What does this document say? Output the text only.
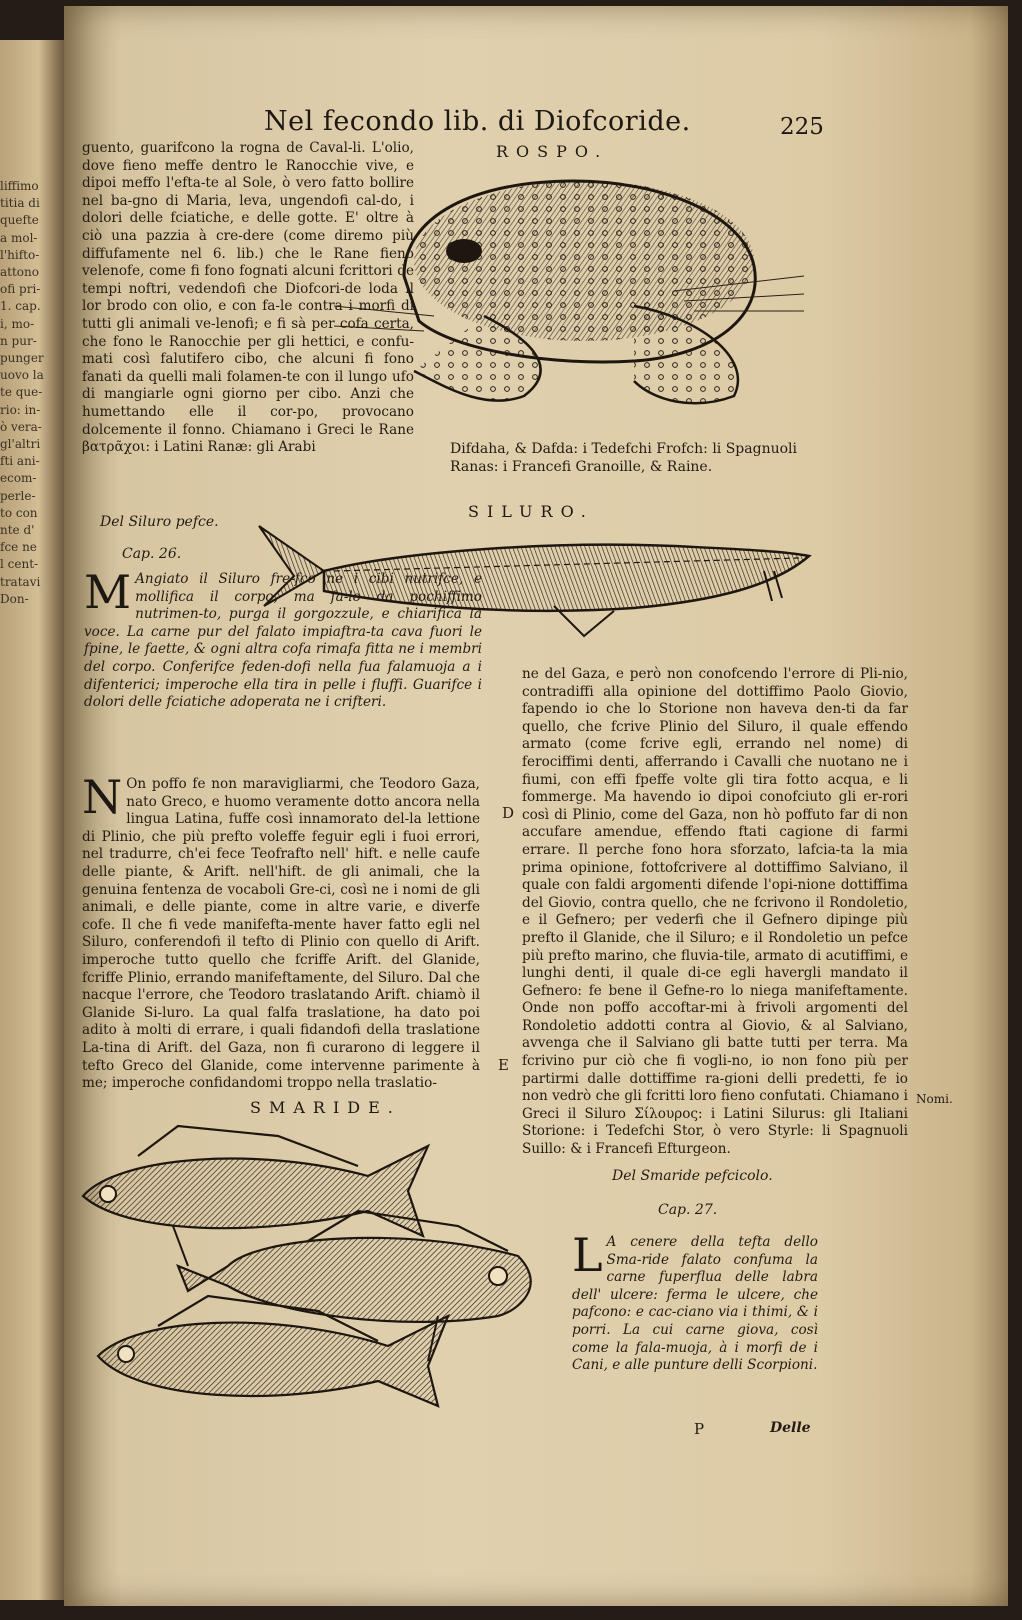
liffimo
titia di
quefte
a mol-
l'hifto-
attono
ofi pri-
1. cap.
i, mo-
n pur-
punger
uovo la
te que-
rio: in-
ò vera-
gl'altri
fti ani-
ecom-
perle-
to con
nte d'
fce ne
l cent-
tratavi
Don-
Nel fecondo lib. di Diofcoride.	225
ROSPO.

guento, guarifcono la rogna de Caval-li. L'olio, dove fieno meffe dentro le Ranocchie vive, e dipoi meffo l'efta-te al Sole, ò vero fatto bollire nel ba-gno di Maria, leva, ungendofi cal-do, i dolori delle fciatiche, e delle gotte. E' oltre à ciò una pazzia à cre-dere (come diremo più diffufamente nel 6. lib.) che le Rane fieno velenofe, come fi fono fognati alcuni fcrittori de tempi noftri, vedendofi che Diofcori-de loda il lor brodo con olio, e con fa-le contra i morfi di tutti gli animali ve-lenofi; e fi sà per cofa certa, che fono le Ranocchie per gli hettici, e confu-mati così falutifero cibo, che alcuni fi fono fanati da quelli mali folamen-te con il lungo ufo di mangiarle ogni giorno per cibo. Anzi che humettando elle il cor-po, provocano dolcemente il fonno. Chiamano i Greci le Rane βατρᾶχοι: i Latini Ranæ: gli Arabi	Difdaha, & Dafda: i Tedefchi Frofch: li Spagnuoli Ranas: i Francefi Granoille, & Raine.
SILURO.
Del Siluro pefce.
Cap. 26.

M Angiato il Siluro fre-fco ne i cibi nutrifce, e mollifica il corpo, ma fa-lo da pochiffimo nutrimen-to, purga il gorgozzule, e chiarifica la voce. La carne pur del falato impiaftra-ta cava fuori le fpine, le faette, & ogni altra cofa rimafa fitta ne i membri del corpo. Conferifce feden-dofi nella fua falamuoja a i difenterici; imperoche ella tira in pelle i fluffi. Guarifce i dolori delle fciatiche adoperata ne i crifteri.

N On poffo fe non maravigliarmi, che Teodoro Gaza, nato Greco, e huomo veramente dotto ancora nella lingua Latina, fuffe così innamorato del-la lettione di Plinio, che più prefto voleffe feguir egli i fuoi errori, nel tradurre, ch'ei fece Teofrafto nell' hift. e nelle caufe delle piante, & Arift. nell'hift. de gli animali, che la genuina fentenza de vocaboli Gre-ci, così ne i nomi de gli animali, e delle piante, come in altre varie, e diverfe cofe. Il che fi vede manifefta-mente haver fatto egli nel Siluro, conferendofi il tefto di Plinio con quello di Arift. imperoche tutto quello che fcriffe Arift. del Glanide, fcriffe Plinio, errando manifeftamente, del Siluro. Dal che nacque l'errore, che Teodoro traslatando Arift. chiamò il Glanide Si-luro. La qual falfa traslatione, ha dato poi adito à molti di errare, i quali fidandofi della traslatione La-tina di Arift. del Gaza, non fi curarono di leggere il tefto Greco del Glanide, come intervenne parimente à me; imperoche confidandomi troppo nella traslatio-

D
E

ne del Gaza, e però non conofcendo l'errore di Pli-nio, contradiffi alla opinione del dottiffimo Paolo Giovio, fapendo io che lo Storione non haveva den-ti da far quello, che fcrive Plinio del Siluro, il quale effendo armato (come fcrive egli, errando nel nome) di ferociffimi denti, afferrando i Cavalli che nuotano ne i fiumi, con effi fpeffe volte gli tira fotto acqua, e li fommerge. Ma havendo io dipoi conofciuto gli er-rori così di Plinio, come del Gaza, non hò poffuto far di non accufare amendue, effendo ftati cagione di farmi errare. Il perche fono hora sforzato, lafcia-ta la mia prima opinione, fottofcrivere al dottiffimo Salviano, il quale con faldi argomenti difende l'opi-nione dottiffima del Giovio, contra quello, che ne fcrivono il Rondoletio, e il Gefnero; per vederfi che il Gefnero dipinge più prefto il Glanide, che il Siluro; e il Rondoletio un pefce più prefto marino, che fluvia-tile, armato di acutiffimi, e lunghi denti, il quale di-ce egli havergli mandato il Gefnero: fe bene il Gefne-ro lo niega manifeftamente. Onde non poffo accoftar-mi à frivoli argomenti del Rondoletio addotti contra al Giovio, & al Salviano, avvenga che il Salviano gli batte tutti per terra. Ma fcrivino pur ciò che fi vogli-no, io non fono più per partirmi dalle dottiffime ra-gioni delli predetti, fe io non vedrò che gli fcritti loro fieno confutati. Chiamano i Greci il Siluro Σίλουρος: i Latini Silurus: gli Italiani Storione: i Tedefchi Stor, ò vero Styrle: li Spagnuoli Suillo: & i Francefi Efturgeon.

Nomi.
SMARIDE.
Del Smaride pefcicolo.
Cap. 27.

L A cenere della tefta dello Sma-ride falato confuma la carne fuperflua delle labra dell' ulcere: ferma le ulcere, che pafcono: e cac-ciano via i thimi, & i porri. La cui carne giova, così come la fala-muoja, à i morfi de i Cani, e alle punture delli Scorpioni.

P	Delle
